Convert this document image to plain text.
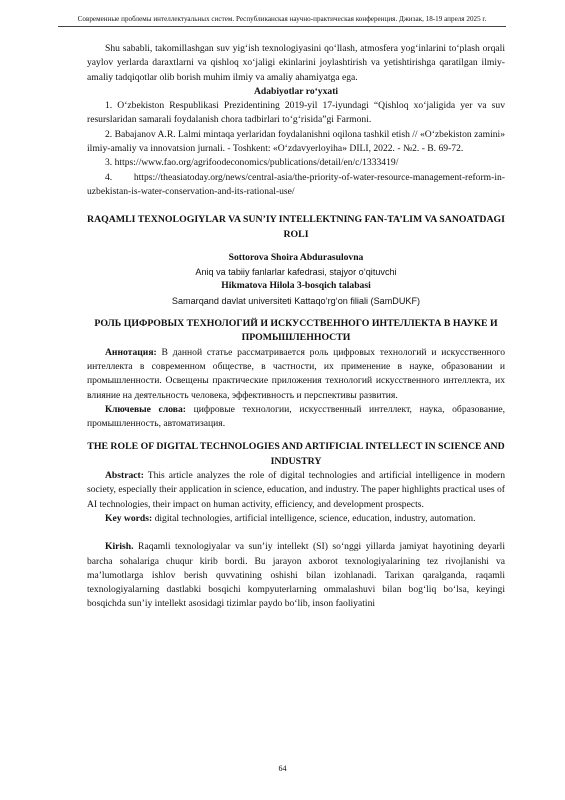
Современные проблемы интеллектуальных систем. Республиканская научно-практическая конференция. Джизак, 18-19 апреля 2025 г.

Shu sababli, takomillashgan suv yig‘ish texnologiyasini qo‘llash, atmosfera yog‘inlarini to‘plash orqali yaylov yerlarda daraxtlarni va qishloq xo‘jaligi ekinlarini joylashtirish va yetishtirishga qaratilgan ilmiy-amaliy tadqiqotlar olib borish muhim ilmiy va amaliy ahamiyatga ega.

Adabiyotlar ro‘yxati

1. O‘zbekiston Respublikasi Prezidentining 2019-yil 17-iyundagi “Qishloq xo‘jaligida yer va suv resurslaridan samarali foydalanish chora tadbirlari to‘g‘risida”gi Farmoni.

2. Babajanov A.R. Lalmi mintaqa yerlaridan foydalanishni oqilona tashkil etish // «O‘zbekiston zamini» ilmiy-amaliy va innovatsion jurnali. - Toshkent: «O‘zdavyerloyiha» DILI, 2022. - №2. - B. 69-72.

3. https://www.fao.org/agrifoodeconomics/publications/detail/en/c/1333419/

4. https://theasiatoday.org/news/central-asia/the-priority-of-water-resource-management-reform-in-uzbekistan-is-water-conservation-and-its-rational-use/

RAQAMLI TEXNOLOGIYLAR VA SUN’IY INTELLEKTNING FAN-TA’LIM VA SANOATDAGI ROLI

Sottorova Shoira Abdurasulovna

Aniq va tabiiy fanlarlar kafedrasi, stajyor o‘qituvchi

Hikmatova Hilola 3-bosqich talabasi

Samarqand davlat universiteti Kattaqo‘rg‘on filiali (SamDUKF)

РОЛЬ ЦИФРОВЫХ ТЕХНОЛОГИЙ И ИСКУССТВЕННОГО ИНТЕЛЛЕКТА В НАУКЕ И ПРОМЫШЛЕННОСТИ

Аннотация: В данной статье рассматривается роль цифровых технологий и искусственного интеллекта в современном обществе, в частности, их применение в науке, образовании и промышленности. Освещены практические приложения технологий искусственного интеллекта, их влияние на деятельность человека, эффективность и перспективы развития.

Ключевые слова: цифровые технологии, искусственный интеллект, наука, образование, промышленность, автоматизация.

THE ROLE OF DIGITAL TECHNOLOGIES AND ARTIFICIAL INTELLECT IN SCIENCE AND INDUSTRY

Abstract: This article analyzes the role of digital technologies and artificial intelligence in modern society, especially their application in science, education, and industry. The paper highlights practical uses of AI technologies, their impact on human activity, efficiency, and development prospects.

Key words: digital technologies, artificial intelligence, science, education, industry, automation.

Kirish. Raqamli texnologiyalar va sun’iy intellekt (SI) so‘nggi yillarda jamiyat hayotining deyarli barcha sohalariga chuqur kirib bordi. Bu jarayon axborot texnologiyalarining tez rivojlanishi va ma’lumotlarga ishlov berish quvvatining oshishi bilan izohlanadi. Tarixan qaralganda, raqamli texnologiyalarning dastlabki bosqichi kompyuterlarning ommalashuvi bilan bog‘liq bo‘lsa, keyingi bosqichda sun’iy intellekt asosidagi tizimlar paydo bo‘lib, inson faoliyatini

64
